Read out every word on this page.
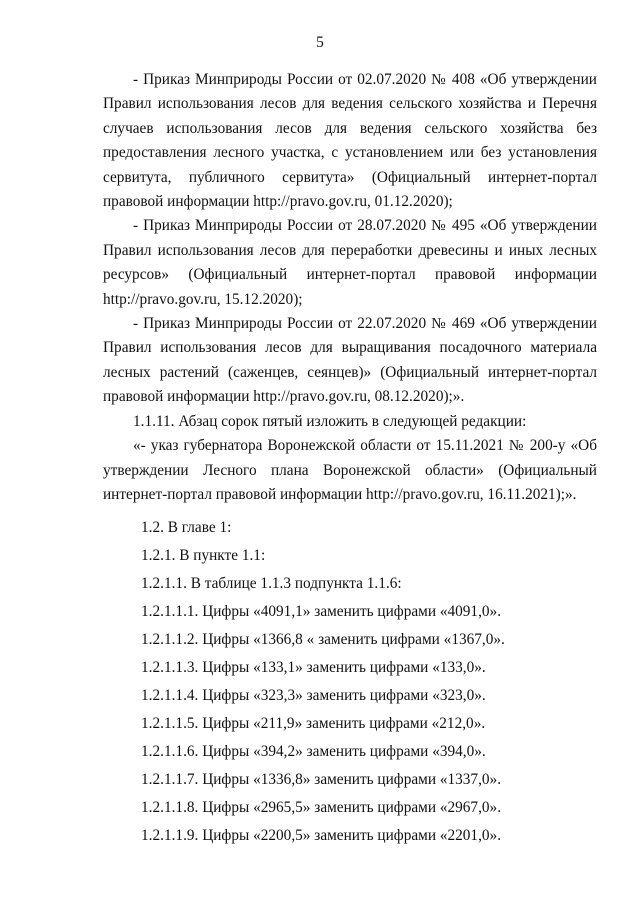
5

- Приказ Минприроды России от 02.07.2020 № 408 «Об утверждении Правил использования лесов для ведения сельского хозяйства и Перечня случаев использования лесов для ведения сельского хозяйства без предоставления лесного участка, с установлением или без установления сервитута, публичного сервитута» (Официальный интернет-портал правовой информации http://pravo.gov.ru, 01.12.2020);

- Приказ Минприроды России от 28.07.2020 № 495 «Об утверждении Правил использования лесов для переработки древесины и иных лесных ресурсов» (Официальный интернет-портал правовой информации http://pravo.gov.ru, 15.12.2020);

- Приказ Минприроды России от 22.07.2020 № 469 «Об утверждении Правил использования лесов для выращивания посадочного материала лесных растений (саженцев, сеянцев)» (Официальный интернет-портал правовой информации http://pravo.gov.ru, 08.12.2020);».

1.1.11. Абзац сорок пятый изложить в следующей редакции:

«- указ губернатора Воронежской области от 15.11.2021 № 200-у «Об утверждении Лесного плана Воронежской области» (Официальный интернет-портал правовой информации http://pravo.gov.ru, 16.11.2021);».

1.2. В главе 1:

1.2.1. В пункте 1.1:

1.2.1.1. В таблице 1.1.3 подпункта 1.1.6:

1.2.1.1.1. Цифры «4091,1» заменить цифрами «4091,0».

1.2.1.1.2. Цифры «1366,8 « заменить цифрами «1367,0».

1.2.1.1.3. Цифры «133,1» заменить цифрами «133,0».

1.2.1.1.4. Цифры «323,3» заменить цифрами «323,0».

1.2.1.1.5. Цифры «211,9» заменить цифрами «212,0».

1.2.1.1.6. Цифры «394,2» заменить цифрами «394,0».

1.2.1.1.7. Цифры «1336,8» заменить цифрами «1337,0».

1.2.1.1.8. Цифры «2965,5» заменить цифрами «2967,0».

1.2.1.1.9. Цифры «2200,5» заменить цифрами «2201,0».
